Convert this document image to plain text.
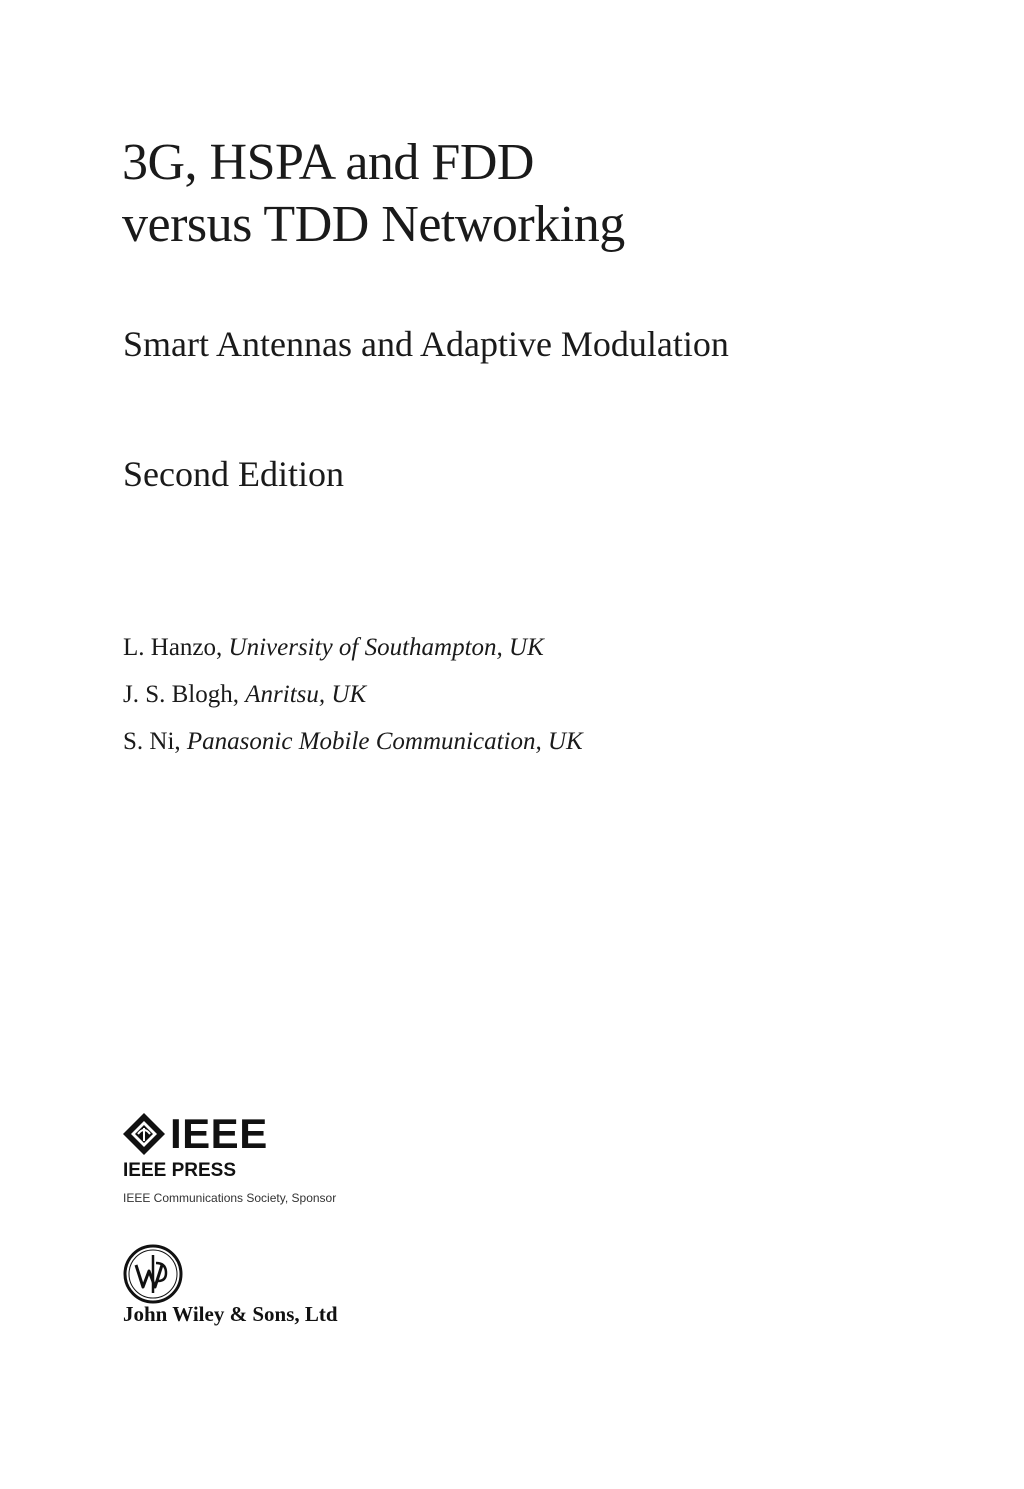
3G, HSPA and FDD
versus TDD Networking
Smart Antennas and Adaptive Modulation
Second Edition
L. Hanzo, University of Southampton, UK
J. S. Blogh, Anritsu, UK
S. Ni, Panasonic Mobile Communication, UK
IEEE
IEEE PRESS
IEEE Communications Society, Sponsor
John Wiley & Sons, Ltd
